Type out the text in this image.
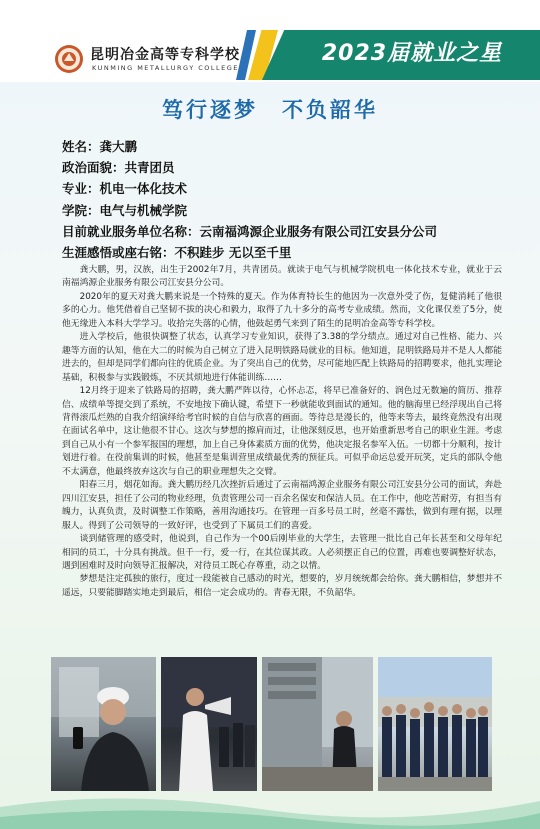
2023届就业之星
昆明冶金高等专科学校
KUNMING METALLURGY COLLEGE
笃行逐梦　不负韶华
姓名：龚大鹏
政治面貌：共青团员
专业：机电一体化技术
学院：电气与机械学院
目前就业服务单位名称：云南福鸿源企业服务有限公司江安县分公司
生涯感悟或座右铭：不积跬步 无以至千里

龚大鹏，男，汉族，出生于2002年7月，共青团员。就读于电气与机械学院机电一体化技术专业，就业于云南福鸿源企业服务有限公司江安县分公司。

2020年的夏天对龚大鹏来说是一个特殊的夏天。作为体育特长生的他因为一次意外受了伤，复健消耗了他很多的心力。他凭借着自己坚韧不拔的决心和毅力，取得了九十多分的高考专业成绩。然而，文化课仅差了5分，使他无缘进入本科大学学习。收拾完失落的心情，他鼓起勇气来到了陌生的昆明冶金高等专科学校。

进入学校后，他很快调整了状态，认真学习专业知识，获得了3.38的学分绩点。通过对自己性格、能力、兴趣等方面的认知，他在大二的时候为自己树立了进入昆明铁路局就业的目标。他知道，昆明铁路局并不是人人都能进去的，但却是同学们都向往的优质企业。为了突出自己的优势，尽可能地匹配上铁路局的招聘要求，他扎实理论基础，积极参与实践锻炼，不厌其烦地进行体能训练……

12月终于迎来了铁路局的招聘，龚大鹏严阵以待，心怀忐忑，将早已准备好的、润色过无数遍的简历、推荐信、成绩单等提交到了系统，不安地按下确认键，希望下一秒就能收到面试的通知。他的脑海里已经浮现出自己将背得滚瓜烂熟的自我介绍演绎给考官时候的自信与欣喜的画面。等待总是漫长的，他等来等去，最终竟然没有出现在面试名单中，这让他很不甘心。这次与梦想的擦肩而过，让他深刻反思，也开始重新思考自己的职业生涯。考虑到自己从小有一个参军报国的理想，加上自己身体素质方面的优势，他决定报名参军入伍。一切都十分顺利，按计划进行着。在役前集训的时候，他甚至是集训营里成绩最优秀的预征兵。可似乎命运总爱开玩笑，定兵的部队令他不太满意，他最终放弃这次与自己的职业理想失之交臂。

阳春三月，烟花如海。龚大鹏历经几次挫折后通过了云南福鸿源企业服务有限公司江安县分公司的面试，奔赴四川江安县，担任了公司的物业经理，负责管理公司一百余名保安和保洁人员。在工作中，他吃苦耐劳，有担当有魄力，认真负责，及时调整工作策略，善用沟通技巧。在管理一百多号员工时，丝毫不露怯，做到有理有据，以理服人。得到了公司领导的一致好评，也受到了下属员工们的喜爱。

谈到储管理的感受时，他说到，自己作为一个00后刚毕业的大学生，去管理一批比自己年长甚至和父母年纪相同的员工，十分具有挑战。但千一行，爱一行，在其位谋其政。人必须摆正自己的位置，再难也要调整好状态，遇到困难时及时向领导汇报解决，对待员工既心存尊重，动之以情。

梦想是注定孤独的旅行，度过一段能被自己感动的时光，想要的，岁月统统都会给你。龚大鹏相信，梦想并不遥远，只要能脚踏实地走到最后，相信一定会成功的。青春无限，不负韶华。
